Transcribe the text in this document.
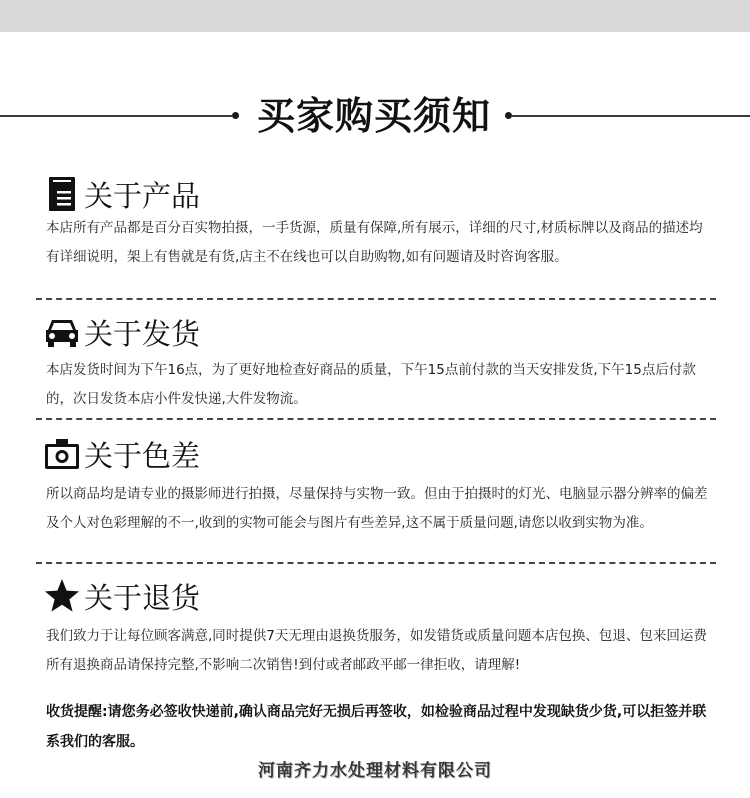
买家购买须知
关于产品
本店所有产品都是百分百实物拍摄，一手货源，质量有保障,所有展示，详细的尺寸,材质标牌以及商品的描述均有详细说明，架上有售就是有货,店主不在线也可以自助购物,如有问题请及时咨询客服。
关于发货
本店发货时间为下午16点，为了更好地检查好商品的质量，下午15点前付款的当天安排发货,下午15点后付款的，次日发货本店小件发快递,大件发物流。
关于色差
所以商品均是请专业的摄影师进行拍摄，尽量保持与实物一致。但由于拍摄时的灯光、电脑显示器分辨率的偏差及个人对色彩理解的不一,收到的实物可能会与图片有些差异,这不属于质量问题,请您以收到实物为准。
关于退货
我们致力于让每位顾客满意,同时提供7天无理由退换货服务，如发错货或质量问题本店包换、包退、包来回运费所有退换商品请保持完整,不影响二次销售!到付或者邮政平邮一律拒收，请理解!
收货提醒:请您务必签收快递前,确认商品完好无损后再签收，如检验商品过程中发现缺货少货,可以拒签并联系我们的客服。
河南齐力水处理材料有限公司
